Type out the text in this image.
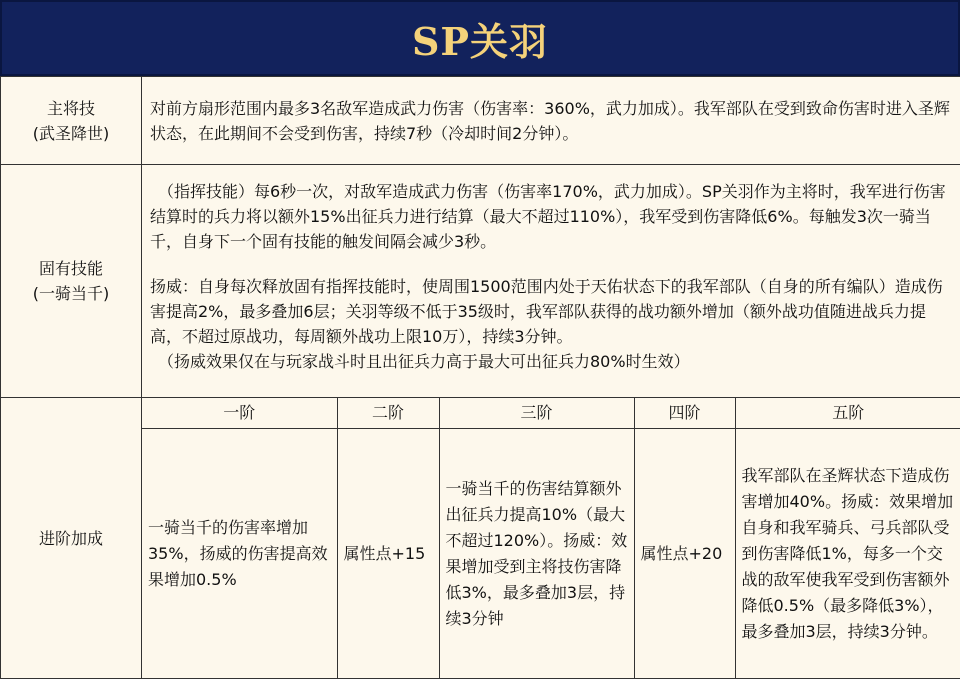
SP关羽
主将技
(武圣降世)

对前方扇形范围内最多3名敌军造成武力伤害（伤害率：360%，武力加成）。我军部队在受到致命伤害时进入圣辉状态，在此期间不会受到伤害，持续7秒（冷却时间2分钟）。

固有技能
(一骑当千)

（指挥技能）每6秒一次，对敌军造成武力伤害（伤害率170%，武力加成）。SP关羽作为主将时，我军进行伤害结算时的兵力将以额外15%出征兵力进行结算（最大不超过110%），我军受到伤害降低6%。每触发3次一骑当千，自身下一个固有技能的触发间隔会减少3秒。

扬威：自身每次释放固有指挥技能时，使周围1500范围内处于天佑状态下的我军部队（自身的所有编队）造成伤害提高2%，最多叠加6层；关羽等级不低于35级时，我军部队获得的战功额外增加（额外战功值随进战兵力提高，不超过原战功，每周额外战功上限10万），持续3分钟。

（扬威效果仅在与玩家战斗时且出征兵力高于最大可出征兵力80%时生效）

进阶加成	
一阶	二阶	三阶	四阶	五阶
一骑当千的伤害率增加35%，扬威的伤害提高效果增加0.5%	属性点+15	一骑当千的伤害结算额外出征兵力提高10%（最大不超过120%）。扬威：效果增加受到主将技伤害降低3%，最多叠加3层，持续3分钟	属性点+20	我军部队在圣辉状态下造成伤害增加40%。扬威：效果增加自身和我军骑兵、弓兵部队受到伤害降低1%，每多一个交战的敌军使我军受到伤害额外降低0.5%（最多降低3%），最多叠加3层，持续3分钟。
